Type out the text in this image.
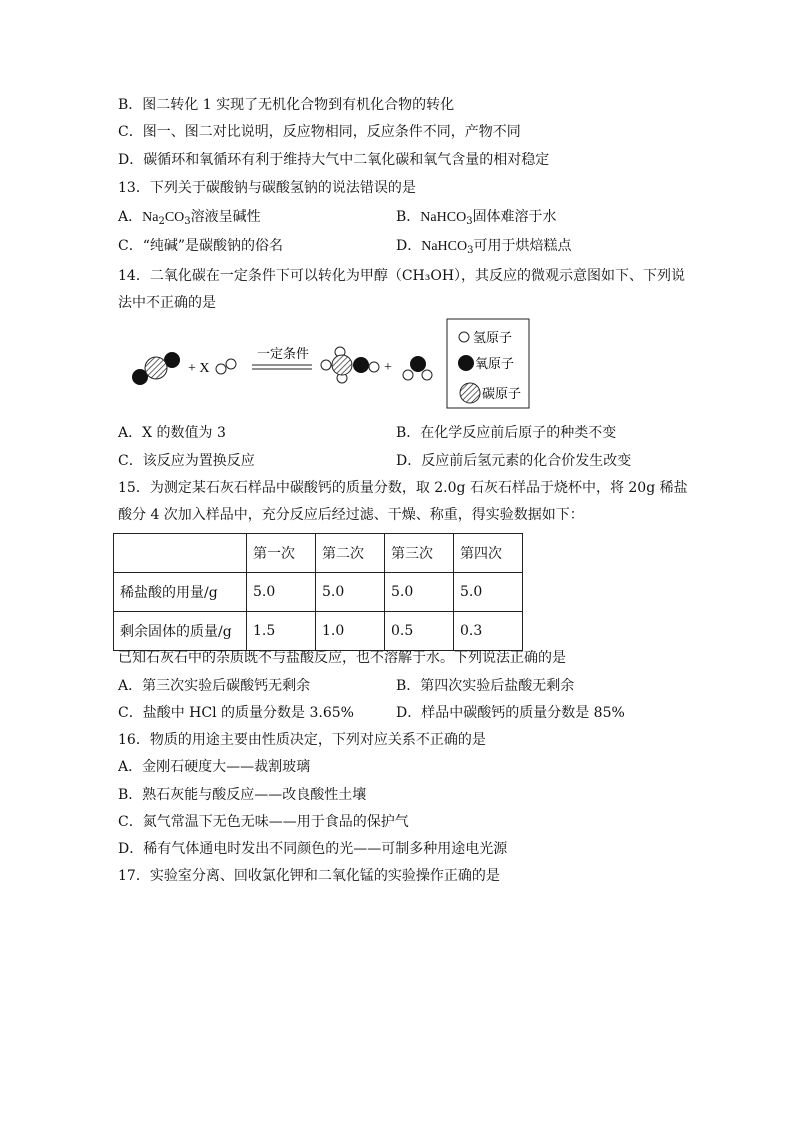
B．图二转化 1 实现了无机化合物到有机化合物的转化
C．图一、图二对比说明，反应物相同，反应条件不同，产物不同
D．碳循环和氧循环有利于维持大气中二氧化碳和氧气含量的相对稳定
13．下列关于碳酸钠与碳酸氢钠的说法错误的是
A．$Na_2CO_3$溶液呈碱性	B．NaHCO$_3$固体难溶于水
C．“纯碱”是碳酸钠的俗名	D．NaHCO$_3$可用于烘焙糕点
14．二氧化碳在一定条件下可以转化为甲醇（CH₃OH），其反应的微观示意图如下、下列说
法中不正确的是
+ X
一定条件
+
氢原子
氧原子
碳原子
A．X 的数值为 3	B．在化学反应前后原子的种类不变
C．该反应为置换反应	D．反应前后氢元素的化合价发生改变
15．为测定某石灰石样品中碳酸钙的质量分数，取 2.0g 石灰石样品于烧杯中，将 20g 稀盐
酸分 4 次加入样品中，充分反应后经过滤、干燥、称重，得实验数据如下：
	第一次	第二次	第三次	第四次
稀盐酸的用量/g	5.0	5.0	5.0	5.0
剩余固体的质量/g	1.5	1.0	0.5	0.3
已知石灰石中的杂质既不与盐酸反应，也不溶解于水。下列说法正确的是
A．第三次实验后碳酸钙无剩余	B．第四次实验后盐酸无剩余
C．盐酸中 HCl 的质量分数是 3.65%	D．样品中碳酸钙的质量分数是 85%
16．物质的用途主要由性质决定，下列对应关系不正确的是
A．金刚石硬度大——裁割玻璃
B．熟石灰能与酸反应——改良酸性土壤
C．氮气常温下无色无味——用于食品的保护气
D．稀有气体通电时发出不同颜色的光——可制多种用途电光源
17．实验室分离、回收氯化钾和二氧化锰的实验操作正确的是
